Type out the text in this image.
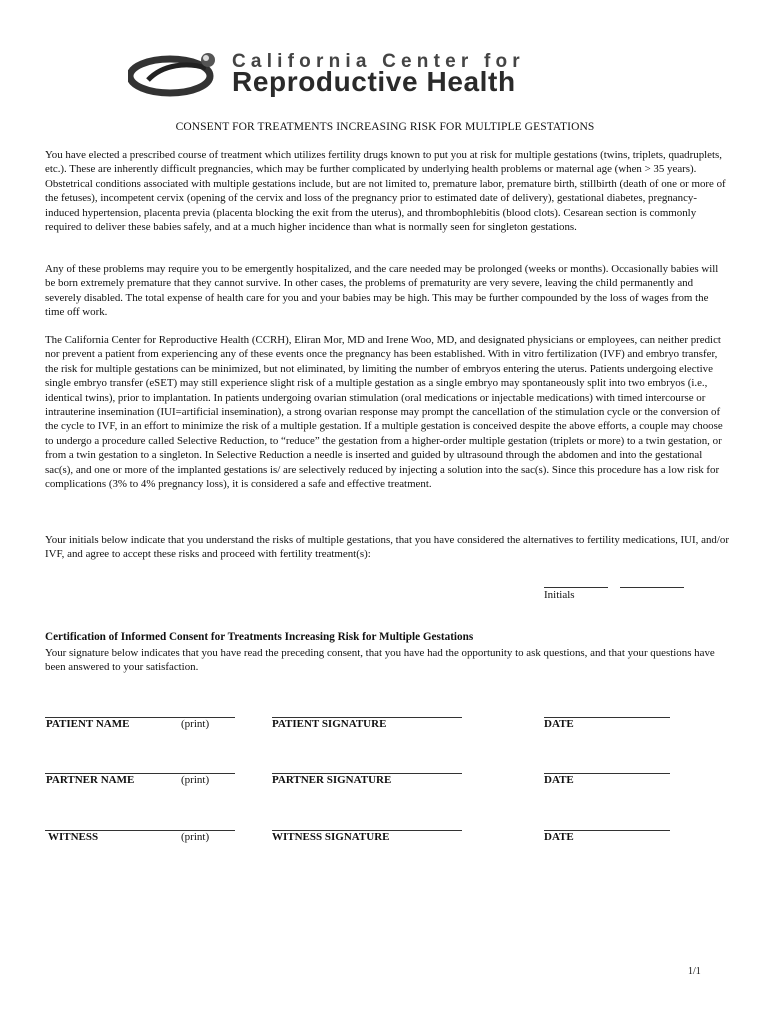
California Center for
Reproductive Health
CONSENT FOR TREATMENTS INCREASING RISK FOR MULTIPLE GESTATIONS

You have elected a prescribed course of treatment which utilizes fertility drugs known to put you at risk for multiple gestations (twins, triplets, quadruplets, etc.). These are inherently difficult pregnancies, which may be further complicated by underlying health problems or maternal age (when > 35 years). Obstetrical conditions associated with multiple gestations include, but are not limited to, premature labor, premature birth, stillbirth (death of one or more of the fetuses), incompetent cervix (opening of the cervix and loss of the pregnancy prior to estimated date of delivery), gestational diabetes, pregnancy-induced hypertension, placenta previa (placenta blocking the exit from the uterus), and thrombophlebitis (blood clots). Cesarean section is commonly required to deliver these babies safely, and at a much higher incidence than what is normally seen for singleton gestations.

Any of these problems may require you to be emergently hospitalized, and the care needed may be prolonged (weeks or months). Occasionally babies will be born extremely premature that they cannot survive. In other cases, the problems of prematurity are very severe, leaving the child permanently and severely disabled. The total expense of health care for you and your babies may be high. This may be further compounded by the loss of wages from the time off work.

The California Center for Reproductive Health (CCRH), Eliran Mor, MD and Irene Woo, MD, and designated physicians or employees, can neither predict nor prevent a patient from experiencing any of these events once the pregnancy has been established. With in vitro fertilization (IVF) and embryo transfer, the risk for multiple gestations can be minimized, but not eliminated, by limiting the number of embryos entering the uterus. Patients undergoing elective single embryo transfer (eSET) may still experience slight risk of a multiple gestation as a single embryo may spontaneously split into two embryos (i.e., identical twins), prior to implantation. In patients undergoing ovarian stimulation (oral medications or injectable medications) with timed intercourse or intrauterine insemination (IUI=artificial insemination), a strong ovarian response may prompt the cancellation of the stimulation cycle or the conversion of the cycle to IVF, in an effort to minimize the risk of a multiple gestation. If a multiple gestation is conceived despite the above efforts, a couple may choose to undergo a procedure called Selective Reduction, to “reduce” the gestation from a higher-order multiple gestation (triplets or more) to a twin gestation, or from a twin gestation to a singleton. In Selective Reduction a needle is inserted and guided by ultrasound through the abdomen and into the gestational sac(s), and one or more of the implanted gestations is/ are selectively reduced by injecting a solution into the sac(s). Since this procedure has a low risk for complications (3% to 4% pregnancy loss), it is considered a safe and effective treatment.

Your initials below indicate that you understand the risks of multiple gestations, that you have considered the alternatives to fertility medications, IUI, and/or IVF, and agree to accept these risks and proceed with fertility treatment(s):

Initials
Certification of Informed Consent for Treatments Increasing Risk for Multiple Gestations

Your signature below indicates that you have read the preceding consent, that you have had the opportunity to ask questions, and that your questions have been answered to your satisfaction.

PATIENT NAME	(print)	PATIENT SIGNATURE	DATE
PARTNER NAME	(print)	PARTNER SIGNATURE	DATE
WITNESS	(print)	WITNESS SIGNATURE	DATE
1/1
